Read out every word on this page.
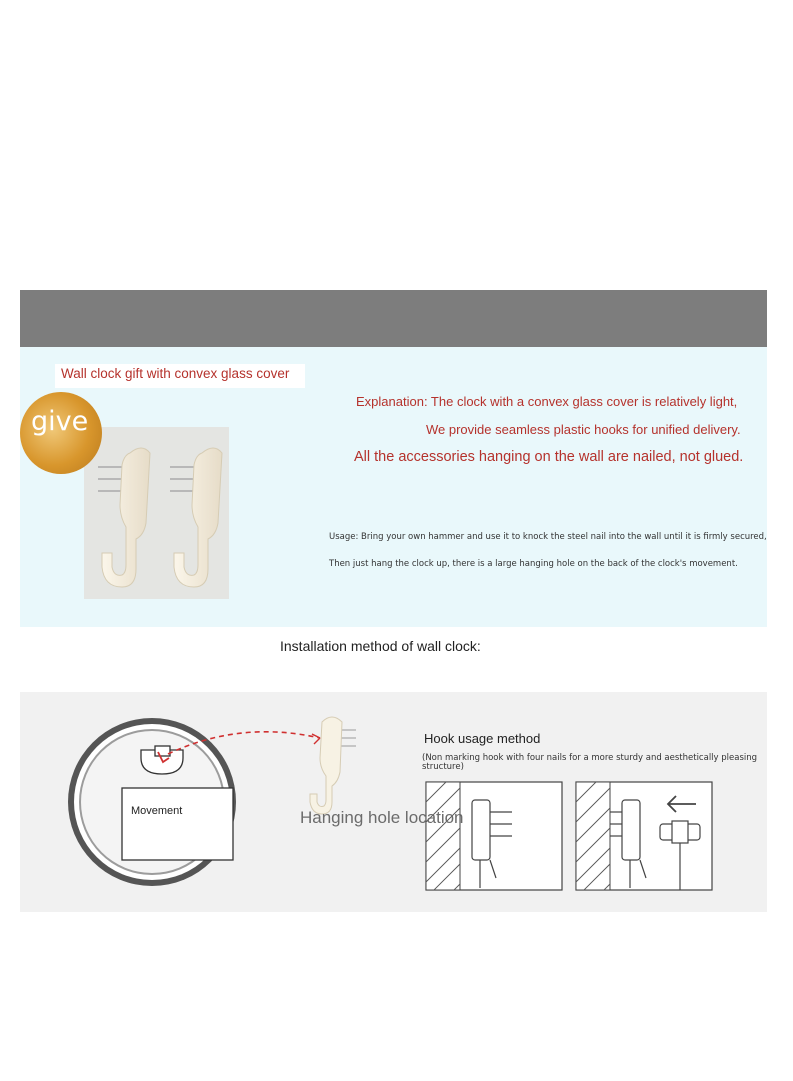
Wall clock gift with convex glass cover
give
Explanation: The clock with a convex glass cover is relatively light,
We provide seamless plastic hooks for unified delivery.
All the accessories hanging on the wall are nailed, not glued.
Usage: Bring your own hammer and use it to knock the steel nail into the wall until it is firmly secured,
Then just hang the clock up, there is a large hanging hole on the back of the clock's movement.
Installation method of wall clock:
Movement	Hanging hole location
Hook usage method
(Non marking hook with four nails for a more sturdy and aesthetically pleasing structure)
